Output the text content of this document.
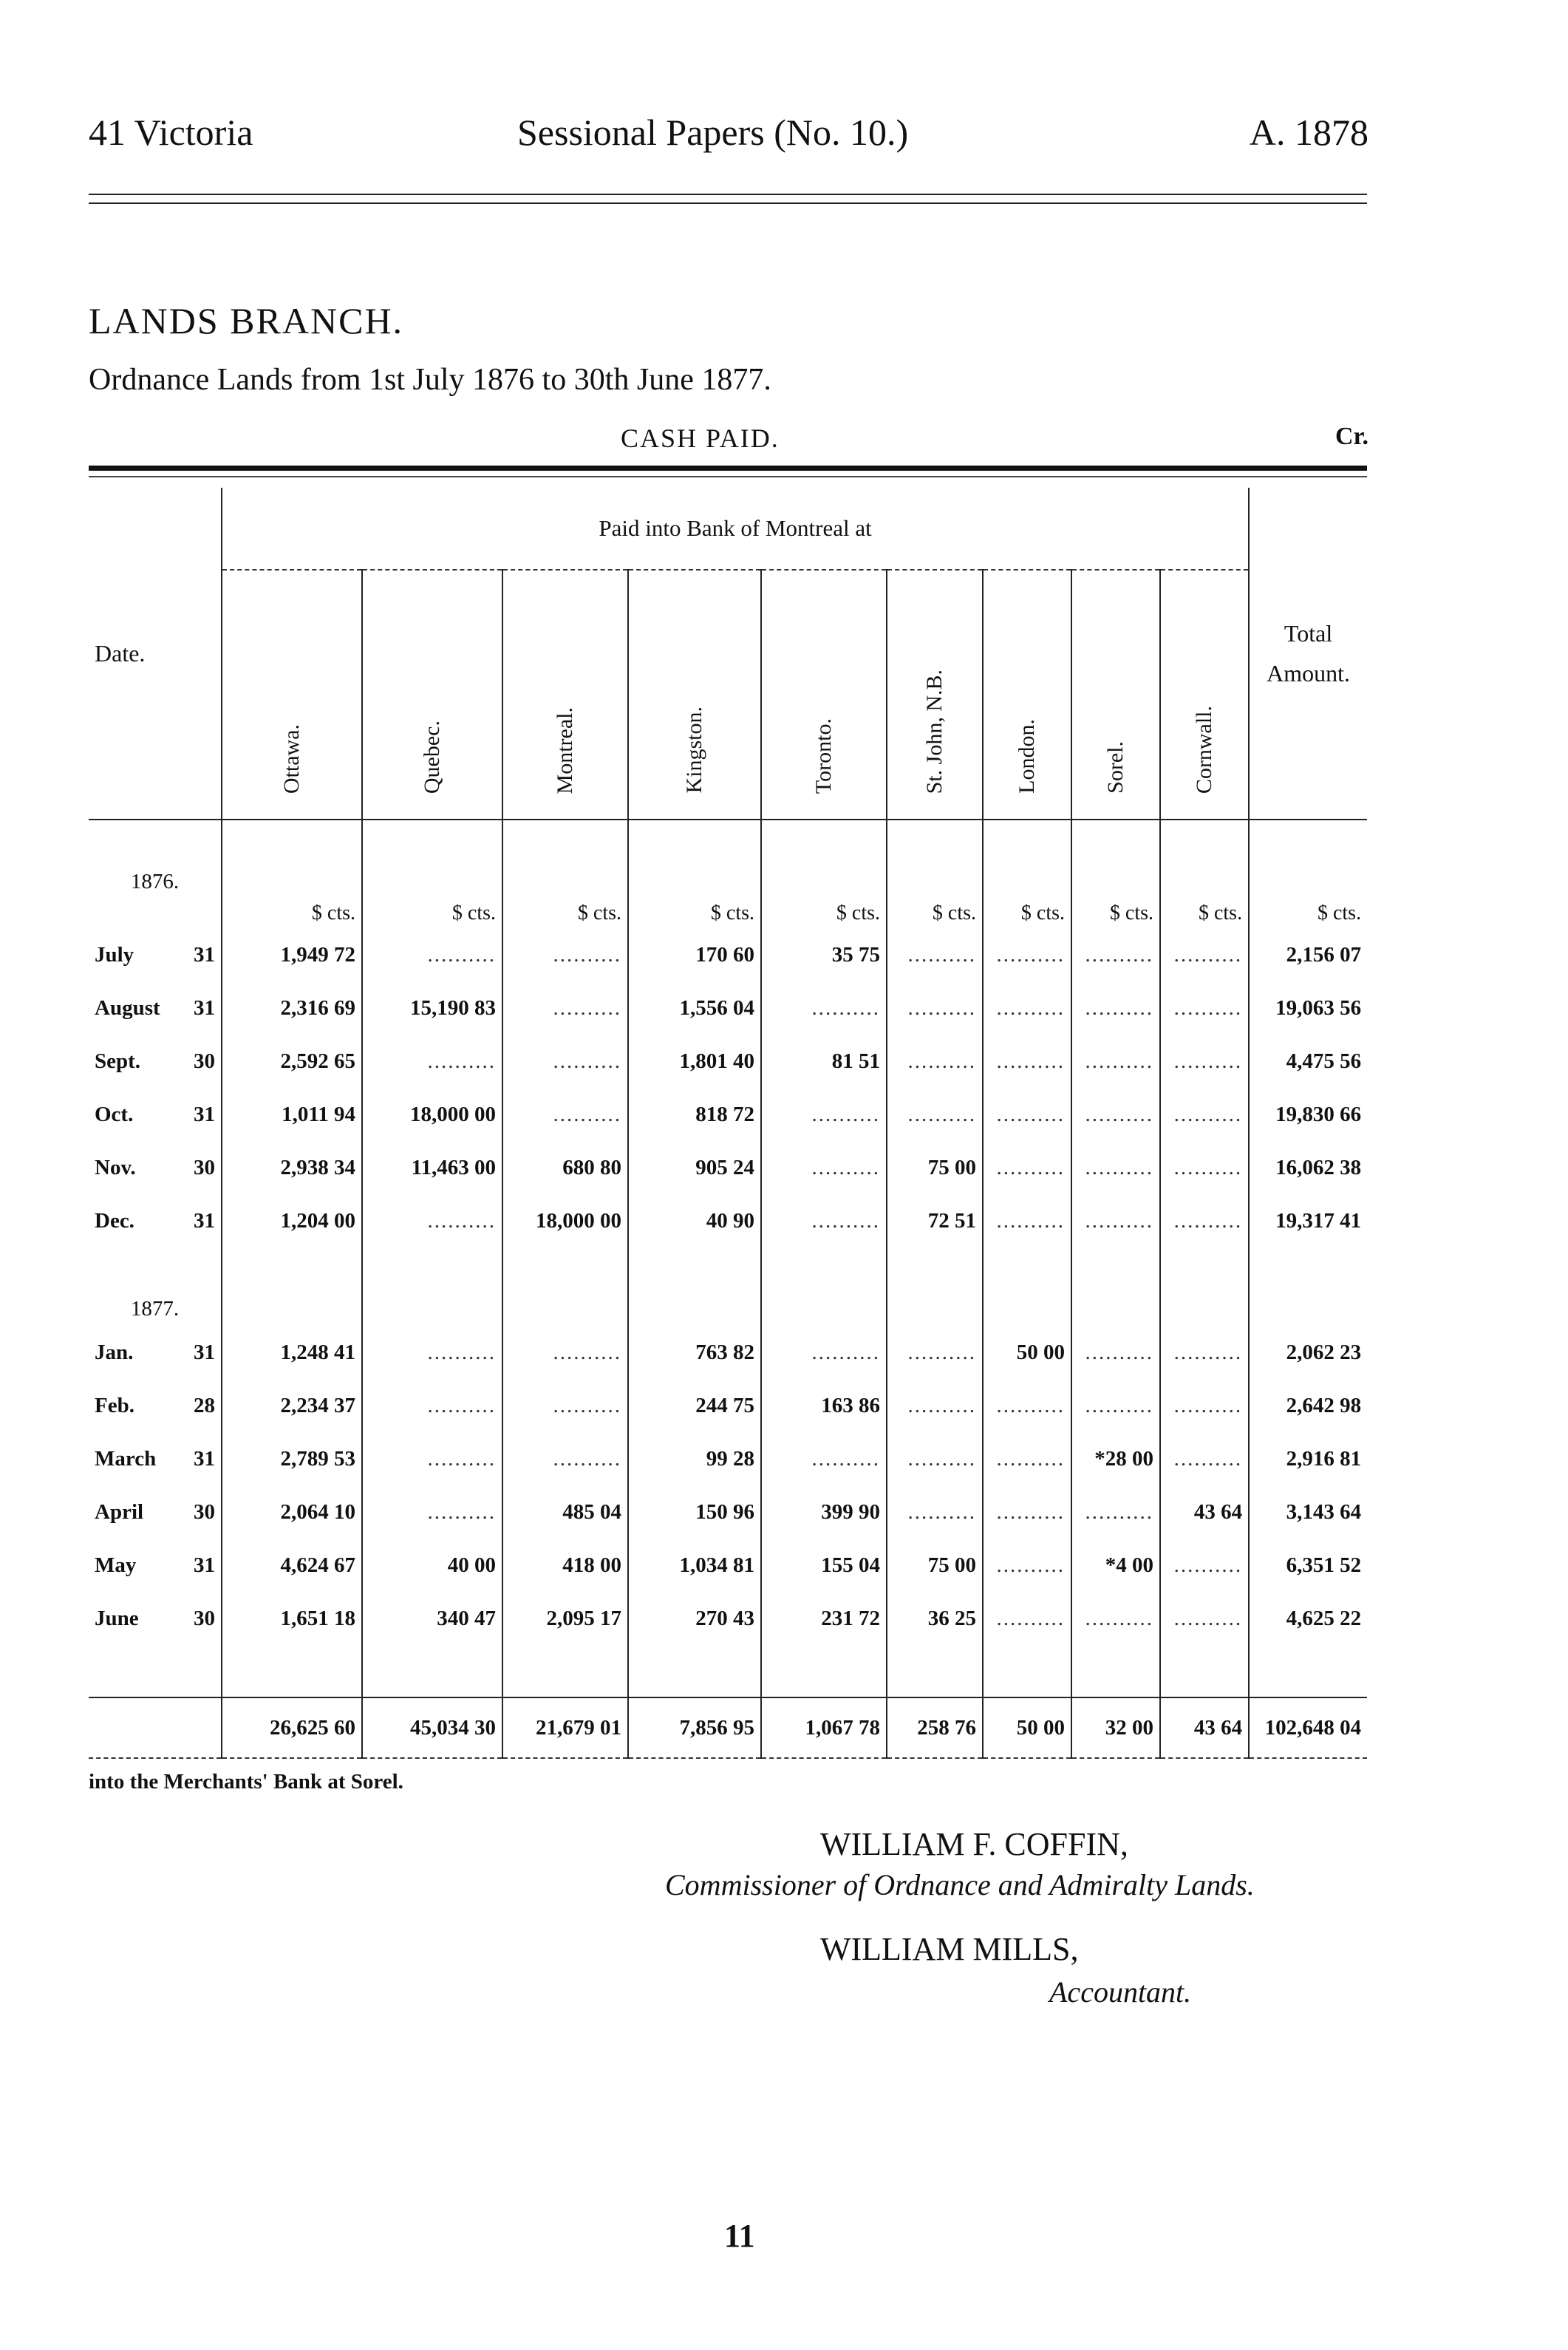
41 Victoria	Sessional Papers (No. 10.)	A. 1878
LANDS BRANCH.
Ordnance Lands from 1st July 1876 to 30th June 1877.
CASH PAID.	Cr.
Date.	Paid into Bank of Montreal at									Total
Amount.
	Ottawa.	Quebec.	Montreal.	Kingston.	Toronto.	St. John, N.B.	London.	Sorel.	Cornwall.	

1876.										
	$ cts.	$ cts.	$ cts.	$ cts.	$ cts.	$ cts.	$ cts.	$ cts.	$ cts.	$ cts.
July 31	1,949 72	..........	..........	170 60	35 75	..........	..........	..........	..........	2,156 07
August 31	2,316 69	15,190 83	..........	1,556 04	..........	..........	..........	..........	..........	19,063 56
Sept. 30	2,592 65	..........	..........	1,801 40	81 51	..........	..........	..........	..........	4,475 56
Oct. 31	1,011 94	18,000 00	..........	818 72	..........	..........	..........	..........	..........	19,830 66
Nov. 30	2,938 34	11,463 00	680 80	905 24	..........	75 00	..........	..........	..........	16,062 38
Dec. 31	1,204 00	..........	18,000 00	40 90	..........	72 51	..........	..........	..........	19,317 41
1877.										
Jan. 31	1,248 41	..........	..........	763 82	..........	..........	50 00	..........	..........	2,062 23
Feb. 28	2,234 37	..........	..........	244 75	163 86	..........	..........	..........	..........	2,642 98
March 31	2,789 53	..........	..........	99 28	..........	..........	..........	*28 00	..........	2,916 81
April 30	2,064 10	..........	485 04	150 96	399 90	..........	..........	..........	43 64	3,143 64
May 31	4,624 67	40 00	418 00	1,034 81	155 04	75 00	..........	*4 00	..........	6,351 52
June 30	1,651 18	340 47	2,095 17	270 43	231 72	36 25	..........	..........	..........	4,625 22

	26,625 60	45,034 30	21,679 01	7,856 95	1,067 78	258 76	50 00	32 00	43 64	102,648 04

into the Merchants' Bank at Sorel.
WILLIAM F. COFFIN,
Commissioner of Ordnance and Admiralty Lands.
WILLIAM MILLS,
Accountant.
11
